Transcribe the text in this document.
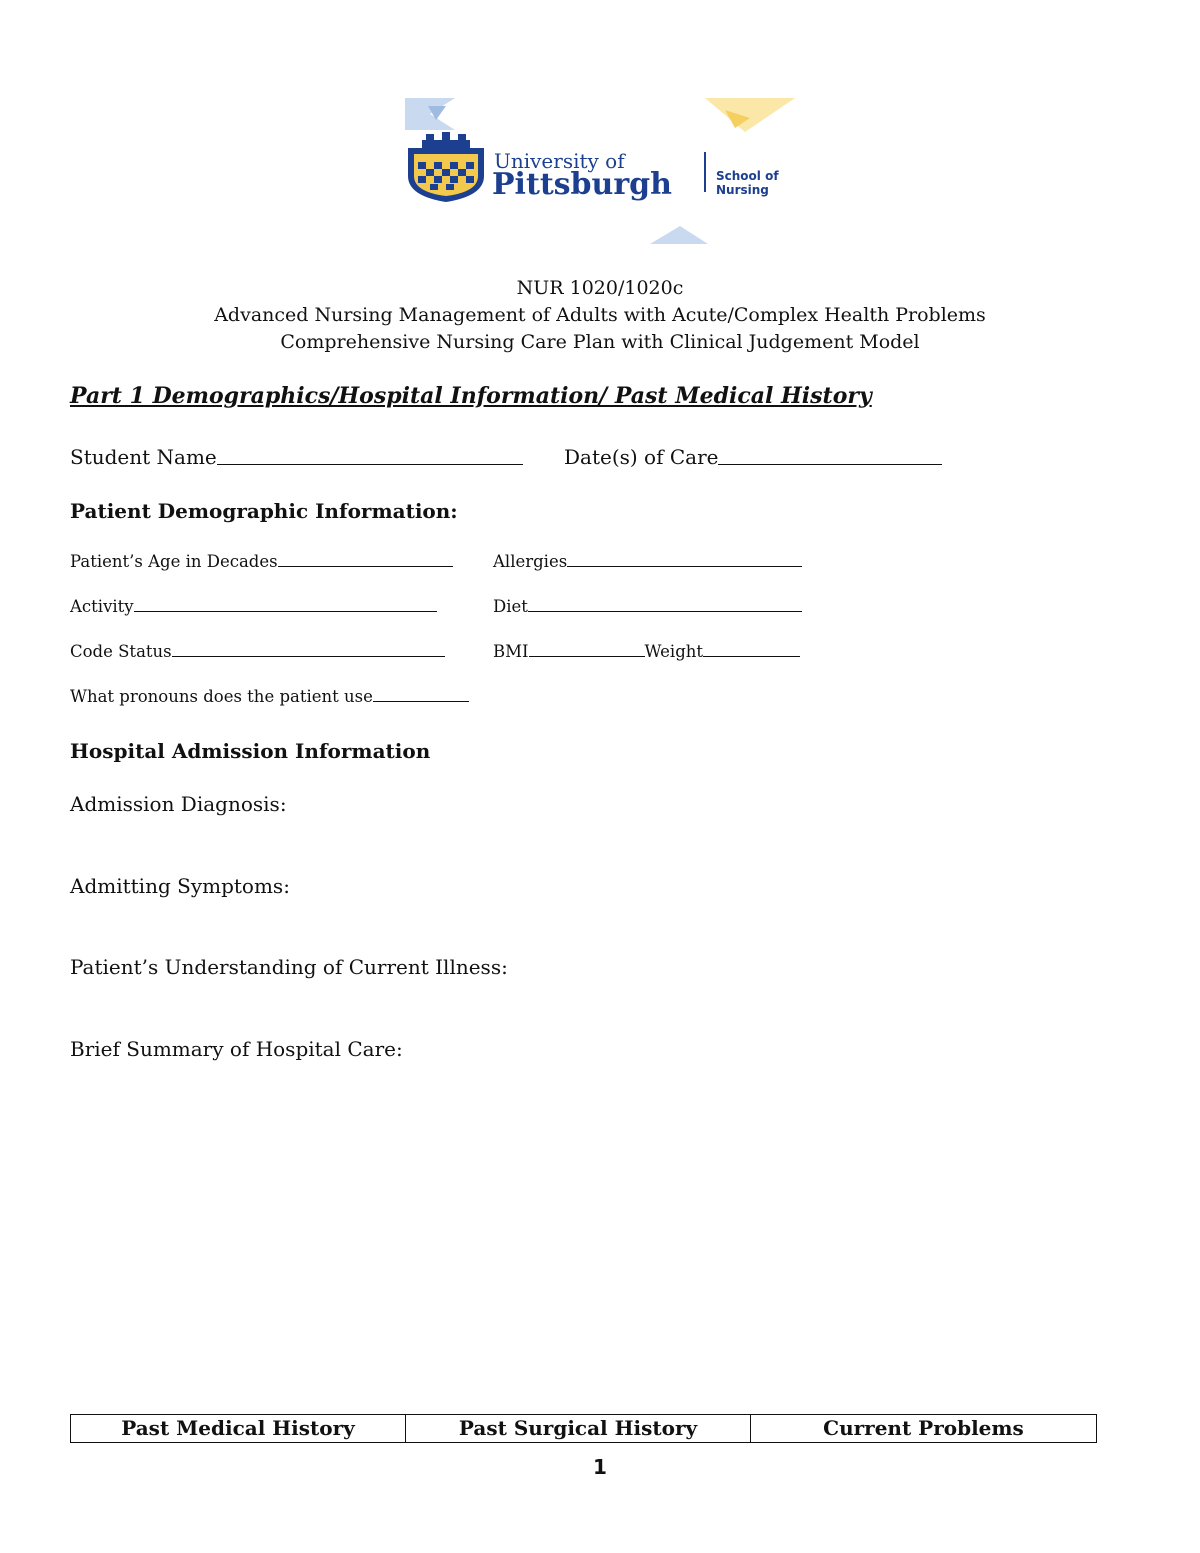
University of
Pittsburgh	School of
Nursing
NUR 1020/1020c
Advanced Nursing Management of Adults with Acute/Complex Health Problems
Comprehensive Nursing Care Plan with Clinical Judgement Model
Part 1 Demographics/Hospital Information/ Past Medical History
Student Name	Date(s) of Care
Patient Demographic Information:
Patient’s Age in Decades	Allergies
Activity	Diet
Code Status	BMI	Weight
What pronouns does the patient use
Hospital Admission Information
Admission Diagnosis:
Admitting Symptoms:
Patient’s Understanding of Current Illness:
Brief Summary of Hospital Care:
Past Medical History	Past Surgical History	Current Problems
1
